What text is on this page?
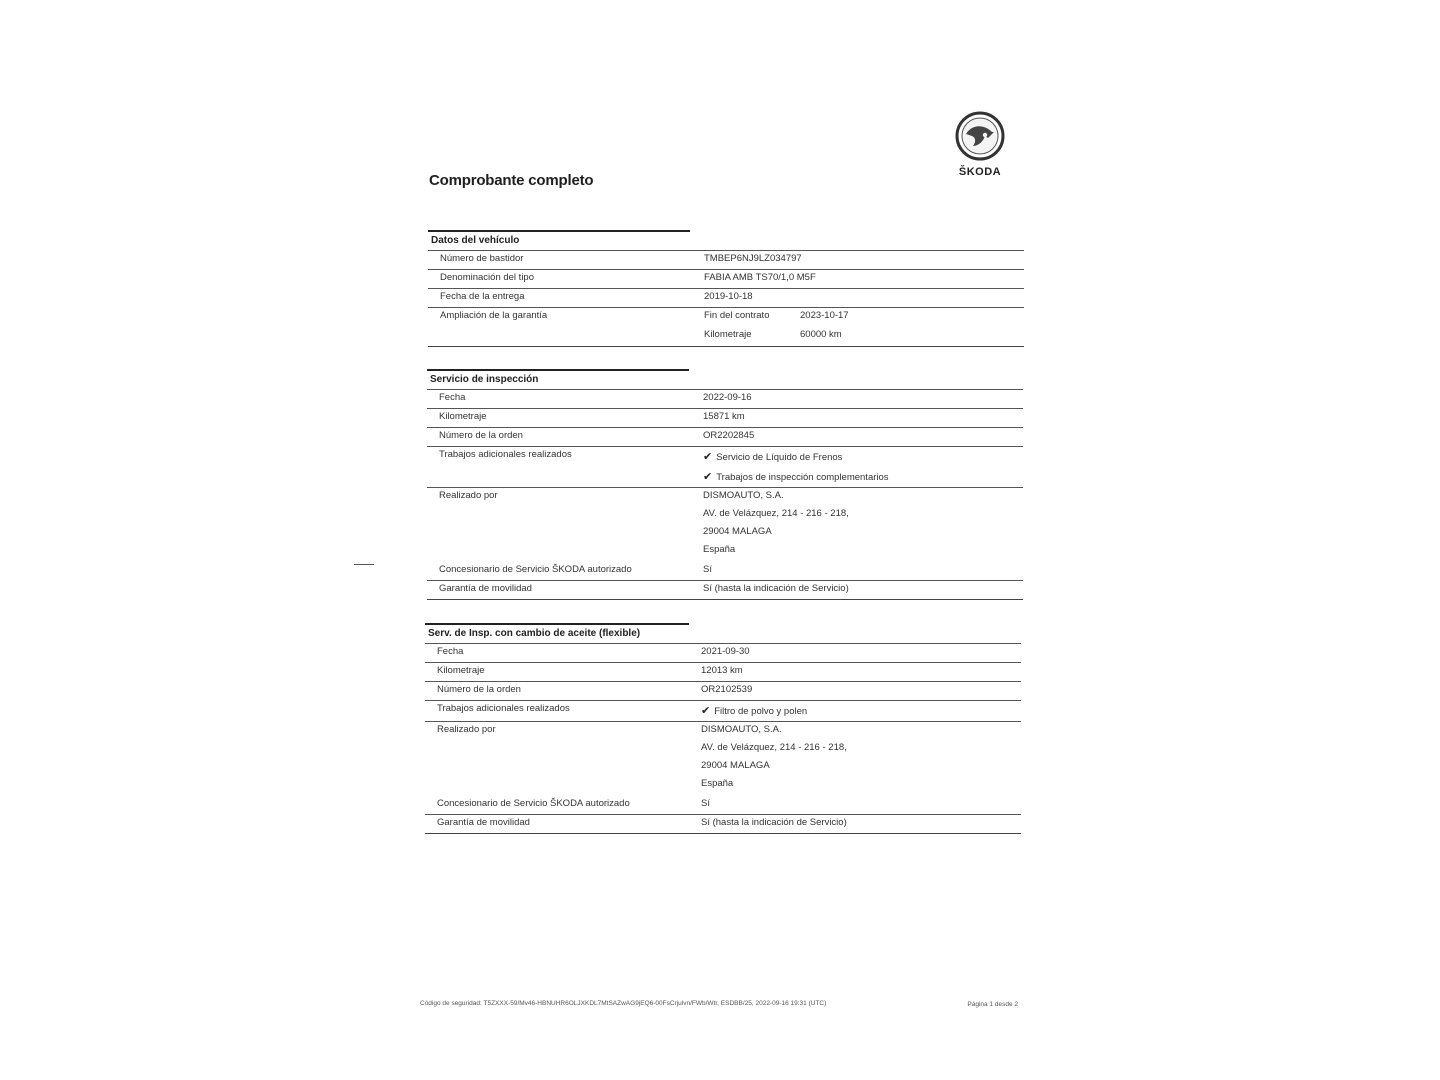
Comprobante completo	ŠKODA
Datos del vehículo
Número de bastidor	TMBEP6NJ9LZ034797
Denominación del tipo	FABIA AMB TS70/1,0 M5F
Fecha de la entrega	2019-10-18
Ampliación de la garantía	Fin del contrato	2023-10-17
Kilometraje	60000 km
Servicio de inspección
Fecha	2022-09-16
Kilometraje	15871 km
Número de la orden	OR2202845
Trabajos adicionales realizados	✔ Servicio de Líquido de Frenos
✔ Trabajos de inspección complementarios
Realizado por	DISMOAUTO, S.A.
AV. de Velázquez, 214 - 216 - 218,
29004 MALAGA
España
Concesionario de Servicio ŠKODA autorizado	Sí
Garantía de movilidad	Sí (hasta la indicación de Servicio)
Serv. de Insp. con cambio de aceite (flexible)
Fecha	2021-09-30
Kilometraje	12013 km
Número de la orden	OR2102539
Trabajos adicionales realizados	✔ Filtro de polvo y polen
Realizado por	DISMOAUTO, S.A.
AV. de Velázquez, 214 - 216 - 218,
29004 MALAGA
España
Concesionario de Servicio ŠKODA autorizado	Sí
Garantía de movilidad	Sí (hasta la indicación de Servicio)
Código de seguridad: T5ZXXX-59/Mv46-HBNUHR6OLJXKDL7MtSAZwAG9jEQ6-00FsCrjulvn/FWb/Wtr, ESDBB/25, 2022-09-16 19:31 (UTC)	Página 1 desde 2
